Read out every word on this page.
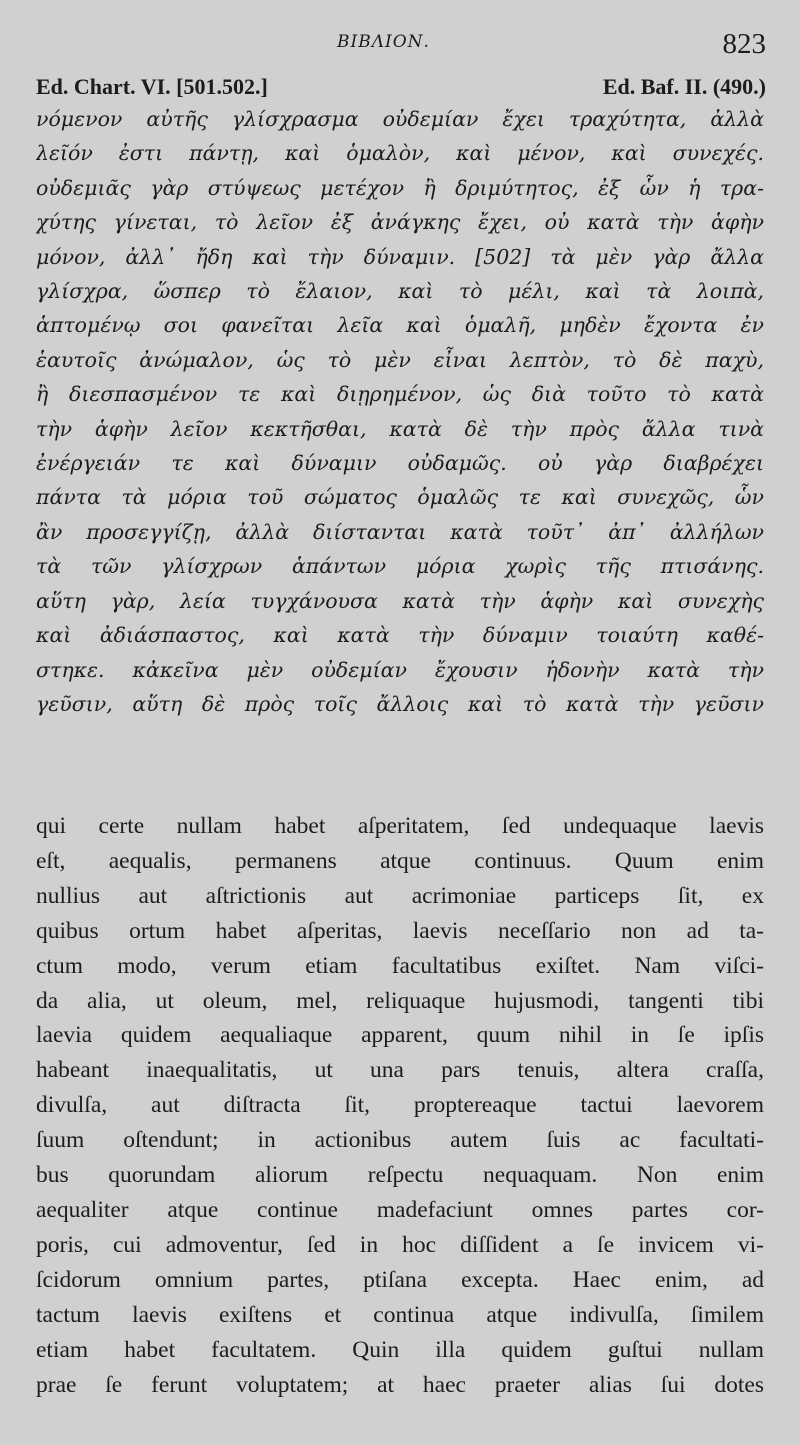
ΒΙΒΛΙΟΝ.	823
Ed. Chart. VI. [501.502.]	Ed. Baf. II. (490.)
νόμενον αὐτῆς γλίσχρασμα οὐδεμίαν ἔχει τραχύτητα, ἀλλὰ
λεῖόν ἐστι πάντῃ, καὶ ὁμαλὸν, καὶ μένον, καὶ συνεχές.
οὐδεμιᾶς γὰρ στύψεως μετέχον ἢ δριμύτητος, ἐξ ὧν ἡ τρα-
χύτης γίνεται, τὸ λεῖον ἐξ ἀνάγκης ἔχει, οὐ κατὰ τὴν ἁφὴν
μόνον, ἀλλ᾽ ἤδη καὶ τὴν δύναμιν. [502] τὰ μὲν γὰρ ἄλλα
γλίσχρα, ὥσπερ τὸ ἔλαιον, καὶ τὸ μέλι, καὶ τὰ λοιπὰ,
ἁπτομένῳ σοι φανεῖται λεῖα καὶ ὁμαλῆ, μηδὲν ἔχοντα ἐν
ἑαυτοῖς ἀνώμαλον, ὡς τὸ μὲν εἶναι λεπτὸν, τὸ δὲ παχὺ,
ἢ διεσπασμένον τε καὶ διῃρημένον, ὡς διὰ τοῦτο τὸ κατὰ
τὴν ἁφὴν λεῖον κεκτῆσθαι, κατὰ δὲ τὴν πρὸς ἄλλα τινὰ
ἐνέργειάν τε καὶ δύναμιν οὐδαμῶς. οὐ γὰρ διαβρέχει
πάντα τὰ μόρια τοῦ σώματος ὁμαλῶς τε καὶ συνεχῶς, ὧν
ἂν προσεγγίζῃ, ἀλλὰ διίστανται κατὰ τοῦτ᾽ ἀπ᾽ ἀλλήλων
τὰ τῶν γλίσχρων ἁπάντων μόρια χωρὶς τῆς πτισάνης.
αὕτη γὰρ, λεία τυγχάνουσα κατὰ τὴν ἁφὴν καὶ συνεχὴς
καὶ ἀδιάσπαστος, καὶ κατὰ τὴν δύναμιν τοιαύτη καθέ-
στηκε. κἀκεῖνα μὲν οὐδεμίαν ἔχουσιν ἡδονὴν κατὰ τὴν
γεῦσιν, αὕτη δὲ πρὸς τοῖς ἄλλοις καὶ τὸ κατὰ τὴν γεῦσιν
qui certe nullam habet aſperitatem, ſed undequaque laevis
eſt, aequalis, permanens atque continuus. Quum enim
nullius aut aſtrictionis aut acrimoniae particeps ſit, ex
quibus ortum habet aſperitas, laevis neceſſario non ad ta-
ctum modo, verum etiam facultatibus exiſtet. Nam viſci-
da alia, ut oleum, mel, reliquaque hujusmodi, tangenti tibi
laevia quidem aequaliaque apparent, quum nihil in ſe ipſis
habeant inaequalitatis, ut una pars tenuis, altera craſſa,
divulſa, aut diſtracta ſit, proptereaque tactui laevorem
ſuum oſtendunt; in actionibus autem ſuis ac facultati-
bus quorundam aliorum reſpectu nequaquam. Non enim
aequaliter atque continue madefaciunt omnes partes cor-
poris, cui admoventur, ſed in hoc diſſident a ſe invicem vi-
ſcidorum omnium partes, ptiſana excepta. Haec enim, ad
tactum laevis exiſtens et continua atque indivulſa, ſimilem
etiam habet facultatem. Quin illa quidem guſtui nullam
prae ſe ferunt voluptatem; at haec praeter alias ſui dotes
